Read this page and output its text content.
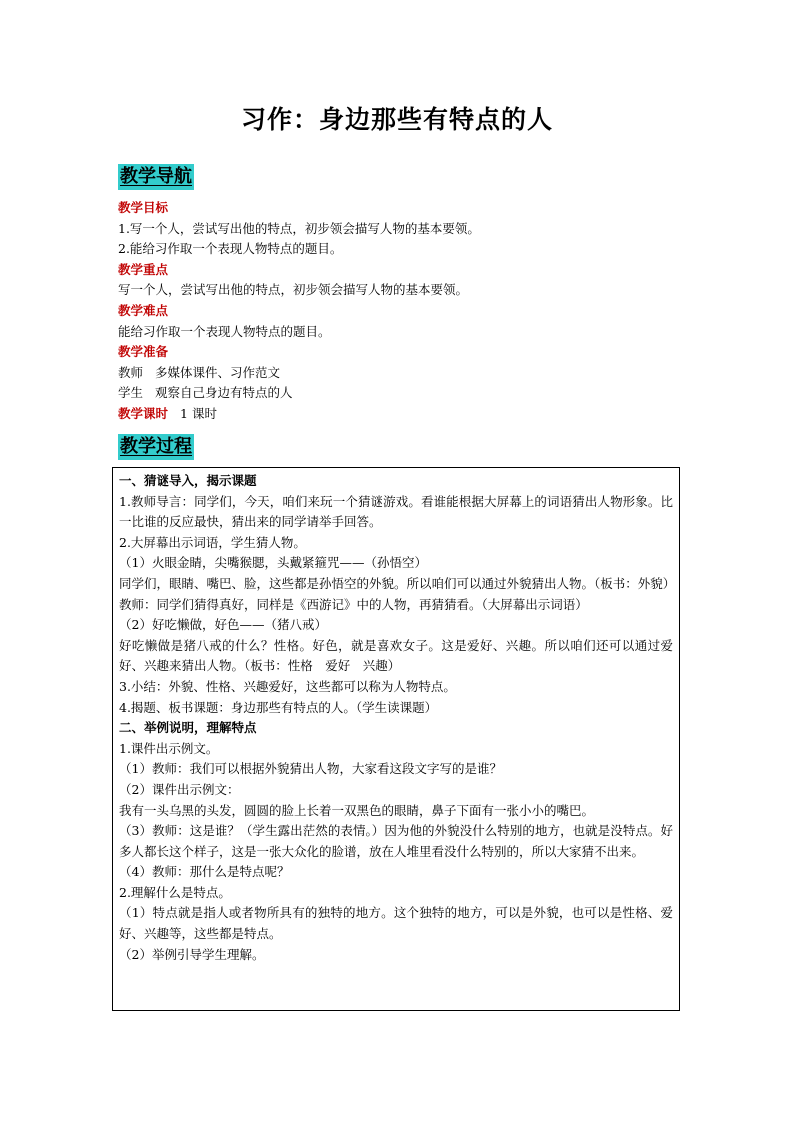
习作：身边那些有特点的人
教学导航
教学目标
1.写一个人，尝试写出他的特点，初步领会描写人物的基本要领。
2.能给习作取一个表现人物特点的题目。
教学重点
写一个人，尝试写出他的特点，初步领会描写人物的基本要领。
教学难点
能给习作取一个表现人物特点的题目。
教学准备
教师 多媒体课件、习作范文
学生 观察自己身边有特点的人
教学课时 1 课时
教学过程

一、猜谜导入，揭示课题

1.教师导言：同学们，今天，咱们来玩一个猜谜游戏。看谁能根据大屏幕上的词语猜出人物形象。比一比谁的反应最快，猜出来的同学请举手回答。

2.大屏幕出示词语，学生猜人物。

（1）火眼金睛，尖嘴猴腮，头戴紧箍咒——（孙悟空）

同学们，眼睛、嘴巴、脸，这些都是孙悟空的外貌。所以咱们可以通过外貌猜出人物。（板书：外貌）

教师：同学们猜得真好，同样是《西游记》中的人物，再猜猜看。（大屏幕出示词语）

（2）好吃懒做，好色——（猪八戒）

好吃懒做是猪八戒的什么？性格。好色，就是喜欢女子。这是爱好、兴趣。所以咱们还可以通过爱好、兴趣来猜出人物。（板书：性格　爱好　兴趣）

3.小结：外貌、性格、兴趣爱好，这些都可以称为人物特点。

4.揭题、板书课题：身边那些有特点的人。（学生读课题）

二、举例说明，理解特点

1.课件出示例文。

（1）教师：我们可以根据外貌猜出人物，大家看这段文字写的是谁？

（2）课件出示例文：

我有一头乌黑的头发，圆圆的脸上长着一双黑色的眼睛，鼻子下面有一张小小的嘴巴。

（3）教师：这是谁？（学生露出茫然的表情。）因为他的外貌没什么特别的地方，也就是没特点。好多人都长这个样子，这是一张大众化的脸谱，放在人堆里看没什么特别的，所以大家猜不出来。

（4）教师：那什么是特点呢？

2.理解什么是特点。

（1）特点就是指人或者物所具有的独特的地方。这个独特的地方，可以是外貌，也可以是性格、爱好、兴趣等，这些都是特点。

（2）举例引导学生理解。
